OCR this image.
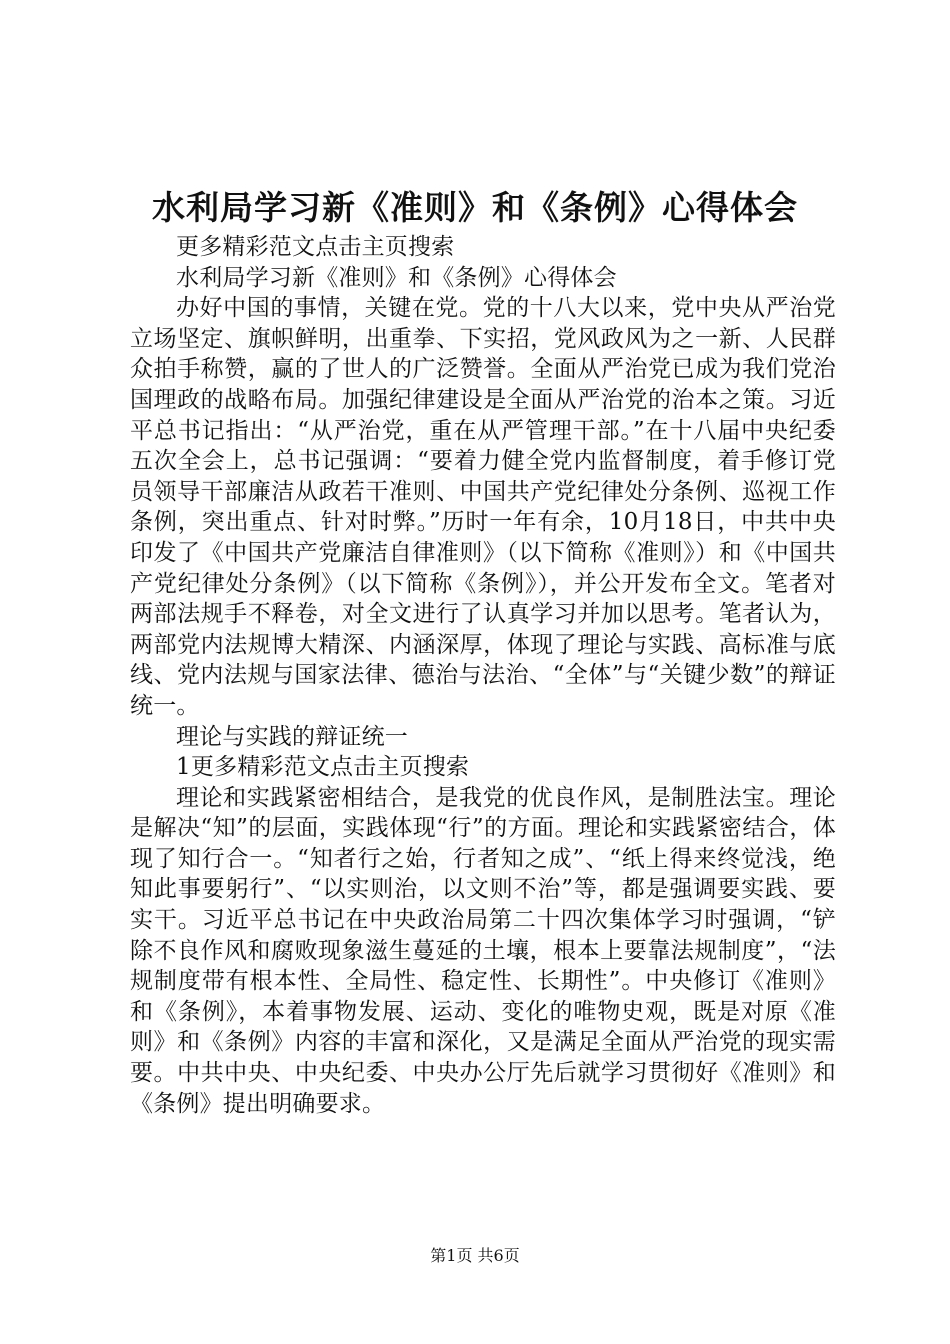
水利局学习新《准则》和《条例》心得体会

更多精彩范文点击主页搜索

水利局学习新《准则》和《条例》心得体会

办好中国的事情，关键在党。党的十八大以来，党中央从严治党立场坚定、旗帜鲜明，出重拳、下实招，党风政风为之一新、人民群众拍手称赞，赢的了世人的广泛赞誉。全面从严治党已成为我们党治国理政的战略布局。加强纪律建设是全面从严治党的治本之策。习近平总书记指出：“从严治党，重在从严管理干部。”在十八届中央纪委五次全会上，总书记强调：“要着力健全党内监督制度，着手修订党员领导干部廉洁从政若干准则、中国共产党纪律处分条例、巡视工作条例，突出重点、针对时弊。”历时一年有余，10月18日，中共中央印发了《中国共产党廉洁自律准则》（以下简称《准则》）和《中国共产党纪律处分条例》（以下简称《条例》），并公开发布全文。笔者对两部法规手不释卷，对全文进行了认真学习并加以思考。笔者认为，两部党内法规博大精深、内涵深厚，体现了理论与实践、高标准与底线、党内法规与国家法律、德治与法治、“全体”与“关键少数”的辩证统一。

理论与实践的辩证统一

1更多精彩范文点击主页搜索

理论和实践紧密相结合，是我党的优良作风，是制胜法宝。理论是解决“知”的层面，实践体现“行”的方面。理论和实践紧密结合，体现了知行合一。“知者行之始，行者知之成”、“纸上得来终觉浅，绝知此事要躬行”、“以实则治，以文则不治”等，都是强调要实践、要实干。习近平总书记在中央政治局第二十四次集体学习时强调，“铲除不良作风和腐败现象滋生蔓延的土壤，根本上要靠法规制度”，“法规制度带有根本性、全局性、稳定性、长期性”。中央修订《准则》和《条例》，本着事物发展、运动、变化的唯物史观，既是对原《准则》和《条例》内容的丰富和深化，又是满足全面从严治党的现实需要。中共中央、中央纪委、中央办公厅先后就学习贯彻好《准则》和《条例》提出明确要求。

第1页 共6页
